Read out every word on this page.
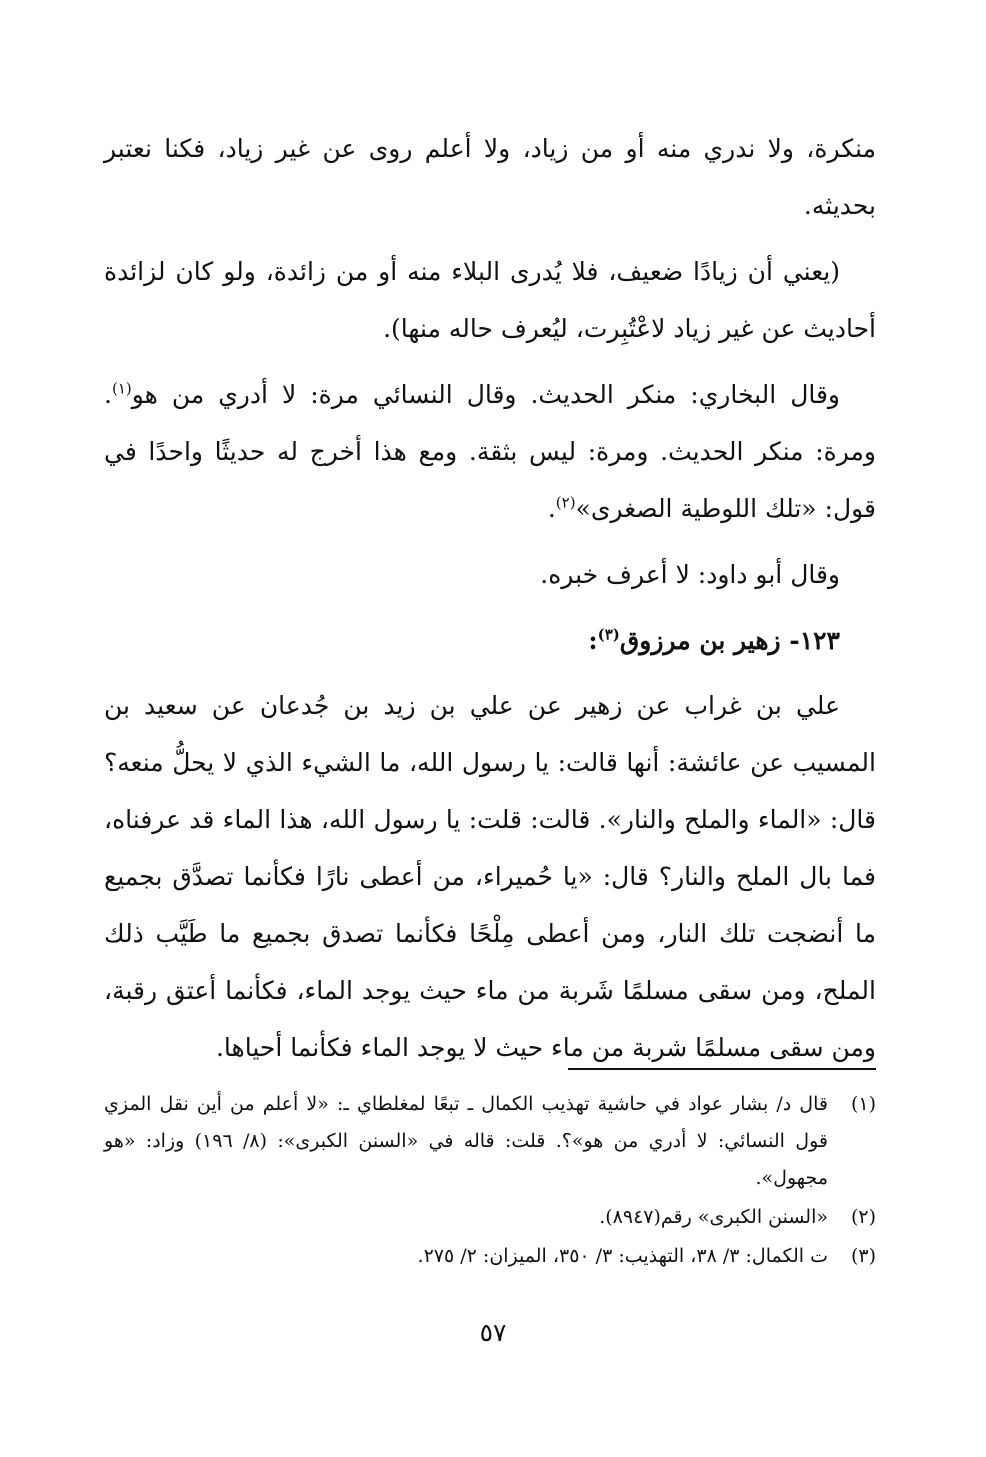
منكرة، ولا ندري منه أو من زياد، ولا أعلم روى عن غير زياد، فكنا نعتبر بحديثه.

(يعني أن زيادًا ضعيف، فلا يُدرى البلاء منه أو من زائدة، ولو كان لزائدة أحاديث عن غير زياد لاعْتُبِرت، ليُعرف حاله منها).

وقال البخاري: منكر الحديث. وقال النسائي مرة: لا أدري من هو$^{(١)}$. ومرة: منكر الحديث. ومرة: ليس بثقة. ومع هذا أخرج له حديثًا واحدًا في قول: «تلك اللوطية الصغرى»$^{(٢)}$.

وقال أبو داود: لا أعرف خبره.

١٢٣- زهير بن مرزوق$^{(٣)}$:

علي بن غراب عن زهير عن علي بن زيد بن جُدعان عن سعيد بن المسيب عن عائشة: أنها قالت: يا رسول الله، ما الشيء الذي لا يحلُّ منعه؟ قال: «الماء والملح والنار». قالت: قلت: يا رسول الله، هذا الماء قد عرفناه، فما بال الملح والنار؟ قال: «يا حُميراء، من أعطى نارًا فكأنما تصدَّق بجميع ما أنضجت تلك النار، ومن أعطى مِلْحًا فكأنما تصدق بجميع ما طَيَّب ذلك الملح، ومن سقى مسلمًا شَربة من ماء حيث يوجد الماء، فكأنما أعتق رقبة، ومن سقى مسلمًا شربة من ماء حيث لا يوجد الماء فكأنما أحياها.

(١)
قال د/ بشار عواد في حاشية تهذيب الكمال ـ تبعًا لمغلطاي ـ: «لا أعلم من أين نقل المزي قول النسائي: لا أدري من هو»؟. قلت: قاله في «السنن الكبرى»: (٨/ ١٩٦) وزاد: «هو مجهول».
(٢)
«السنن الكبرى» رقم(٨٩٤٧).
(٣)
ت الكمال: ٣/ ٣٨، التهذيب: ٣/ ٣٥٠، الميزان: ٢/ ٢٧٥.
٥٧
